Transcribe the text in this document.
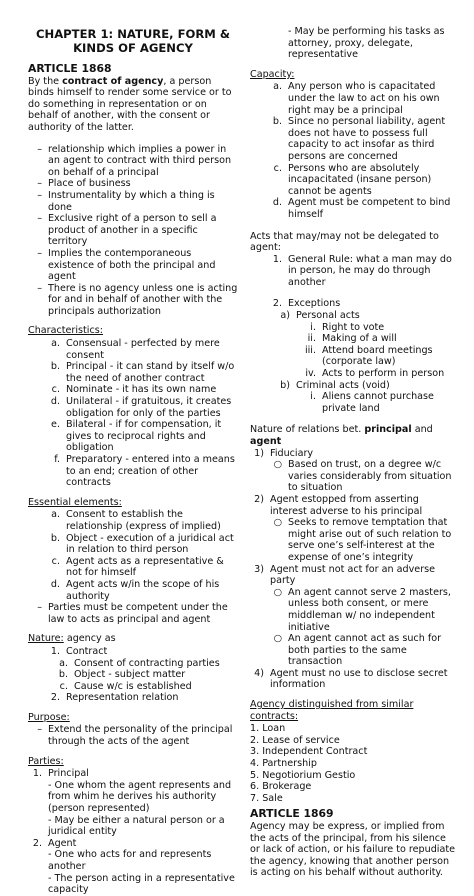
CHAPTER 1: NATURE, FORM & KINDS OF AGENCY
ARTICLE 1868
By the contract of agency, a person binds himself to render some service or to do something in representation or on behalf of another, with the consent or authority of the latter.
– relationship which implies a power in an agent to contract with third person on behalf of a principal
– Place of business
– Instrumentality by which a thing is done
– Exclusive right of a person to sell a product of another in a specific territory
– Implies the contemporaneous existence of both the principal and agent
– There is no agency unless one is acting for and in behalf of another with the principals authorization
Characteristics:
a. Consensual - perfected by mere consent
b. Principal - it can stand by itself w/o the need of another contract
c. Nominate - it has its own name
d. Unilateral - if gratuitous, it creates obligation for only of the parties
e. Bilateral - if for compensation, it gives to reciprocal rights and obligation
f. Preparatory - entered into a means to an end; creation of other contracts
Essential elements:
a. Consent to establish the relationship (express of implied)
b. Object - execution of a juridical act in relation to third person
c. Agent acts as a representative & not for himself
d. Agent acts w/in the scope of his authority
– Parties must be competent under the law to acts as principal and agent
Nature: agency as
1. Contract
a. Consent of contracting parties
b. Object - subject matter
c. Cause w/c is established
2. Representation relation
Purpose:
– Extend the personality of the principal through the acts of the agent
Parties:
1. Principal
- One whom the agent represents and from whim he derives his authority (person represented)
- May be either a natural person or a juridical entity
2. Agent
- One who acts for and represents another
- The person acting in a representative capacity
- May be performing his tasks as attorney, proxy, delegate, representative
Capacity:
a. Any person who is capacitated under the law to act on his own right may be a principal
b. Since no personal liability, agent does not have to possess full capacity to act insofar as third persons are concerned
c. Persons who are absolutely incapacitated (insane person) cannot be agents
d. Agent must be competent to bind himself
Acts that may/may not be delegated to agent:
1. General Rule: what a man may do in person, he may do through another
2. Exceptions
a) Personal acts
i. Right to vote
ii. Making of a will
iii. Attend board meetings (corporate law)
iv. Acts to perform in person
b) Criminal acts (void)
i. Aliens cannot purchase private land
Nature of relations bet. principal and agent
1) Fiduciary
○ Based on trust, on a degree w/c varies considerably from situation to situation
2) Agent estopped from asserting interest adverse to his principal
○ Seeks to remove temptation that might arise out of such relation to serve one’s self-interest at the expense of one’s integrity
3) Agent must not act for an adverse party
○ An agent cannot serve 2 masters, unless both consent, or mere middleman w/ no independent initiative
○ An agent cannot act as such for both parties to the same transaction
4) Agent must no use to disclose secret information
Agency distinguished from similar contracts:
1. Loan
2. Lease of service
3. Independent Contract
4. Partnership
5. Negotiorium Gestio
6. Brokerage
7. Sale
ARTICLE 1869
Agency may be express, or implied from the acts of the principal, from his silence or lack of action, or his failure to repudiate the agency, knowing that another person is acting on his behalf without authority.
